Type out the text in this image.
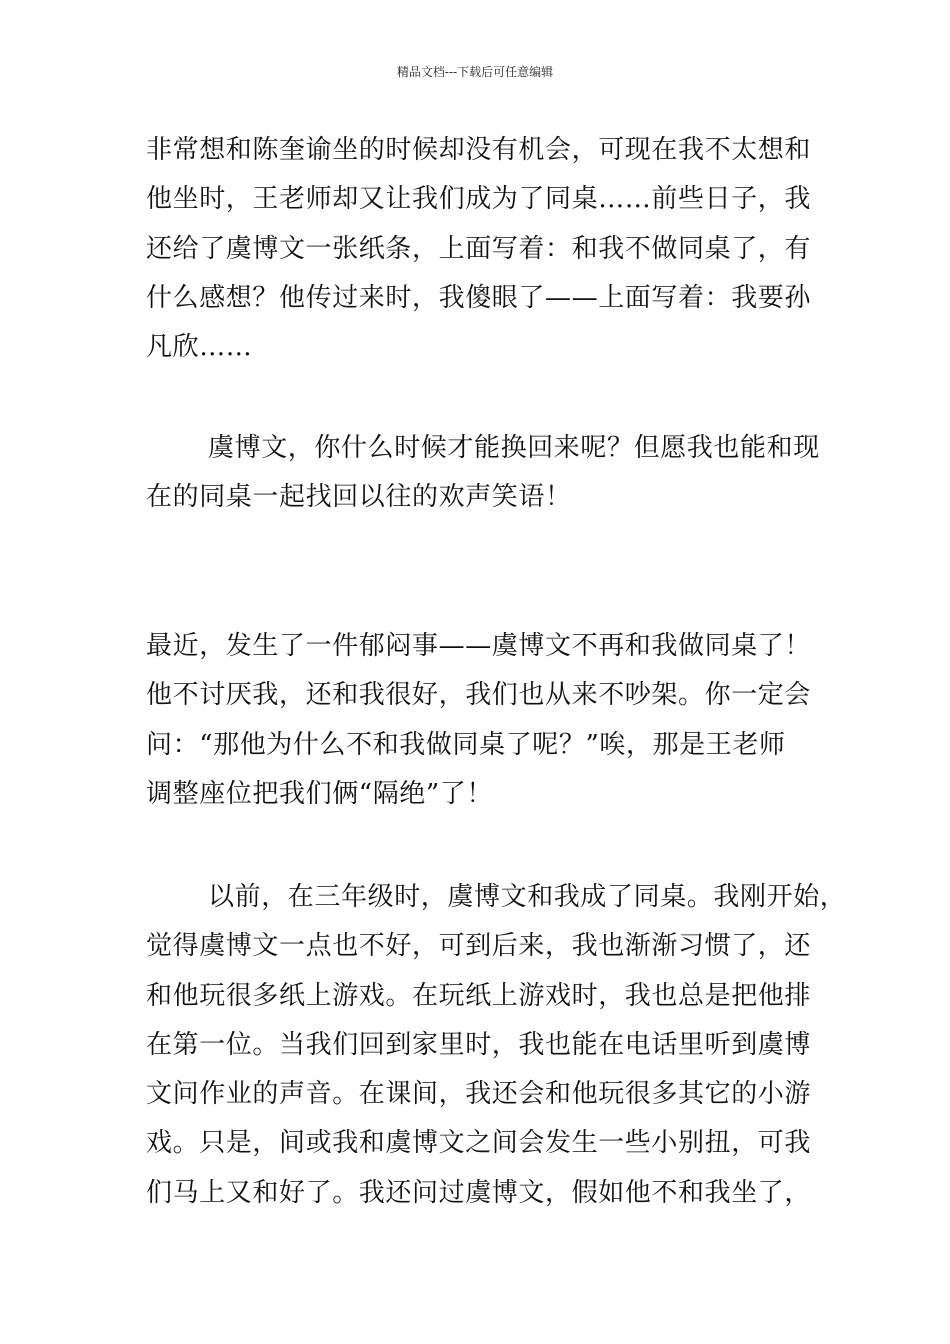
精品文档---下载后可任意编辑

非常想和陈奎谕坐的时候却没有机会，可现在我不太想和
他坐时，王老师却又让我们成为了同桌……前些日子，我
还给了虞博文一张纸条，上面写着：和我不做同桌了，有
什么感想？他传过来时，我傻眼了——上面写着：我要孙
凡欣……

虞博文，你什么时候才能换回来呢？但愿我也能和现
在的同桌一起找回以往的欢声笑语！

最近，发生了一件郁闷事——虞博文不再和我做同桌了！
他不讨厌我，还和我很好，我们也从来不吵架。你一定会
问：“那他为什么不和我做同桌了呢？”唉，那是王老师
调整座位把我们俩“隔绝”了！

以前，在三年级时，虞博文和我成了同桌。我刚开始，
觉得虞博文一点也不好，可到后来，我也渐渐习惯了，还
和他玩很多纸上游戏。在玩纸上游戏时，我也总是把他排
在第一位。当我们回到家里时，我也能在电话里听到虞博
文问作业的声音。在课间，我还会和他玩很多其它的小游
戏。只是，间或我和虞博文之间会发生一些小别扭，可我
们马上又和好了。我还问过虞博文，假如他不和我坐了，
